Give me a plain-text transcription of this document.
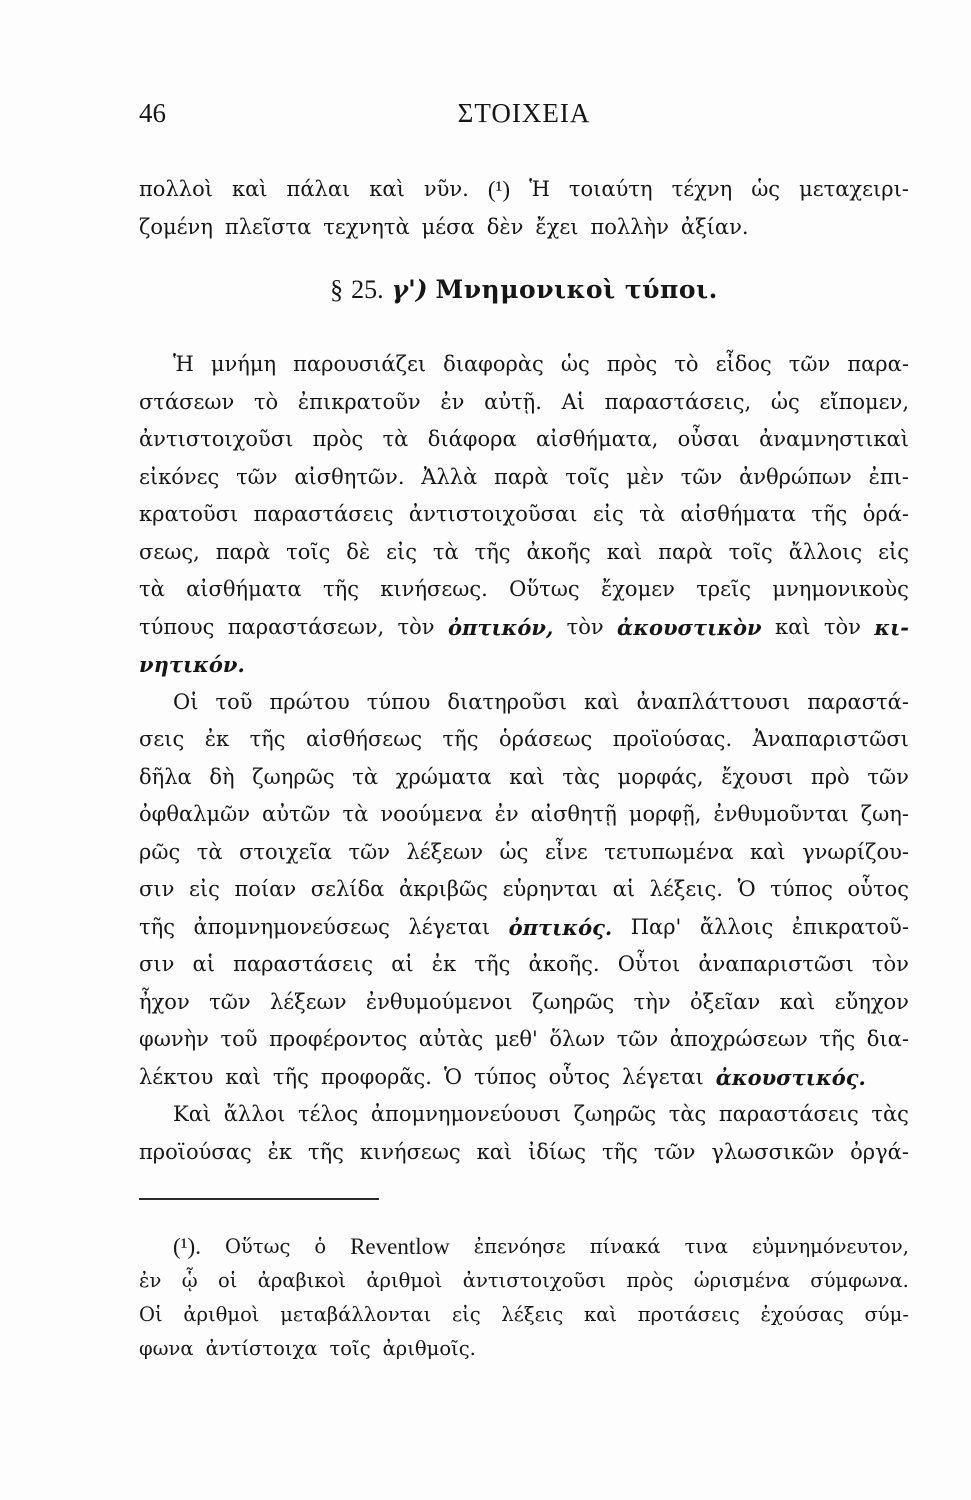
46	ΣΤΟΙΧΕΙΑ
πολλοὶ καὶ πάλαι καὶ νῦν. (¹) Ἡ τοιαύτη τέχνη ὡς μεταχειρι-
ζομένη πλεῖστα τεχνητὰ μέσα δὲν ἔχει πολλὴν ἀξίαν.
§ 25. γ') Μνημονικοὶ τύποι.
Ἡ μνήμη παρουσιάζει διαφορὰς ὡς πρὸς τὸ εἶδος τῶν παρα-
στάσεων τὸ ἐπικρατοῦν ἐν αὐτῇ. Αἱ παραστάσεις, ὡς εἴπομεν,
ἀντιστοιχοῦσι πρὸς τὰ διάφορα αἰσθήματα, οὖσαι ἀναμνηστικαὶ
εἰκόνες τῶν αἰσθητῶν. Ἀλλὰ παρὰ τοῖς μὲν τῶν ἀνθρώπων ἐπι-
κρατοῦσι παραστάσεις ἀντιστοιχοῦσαι εἰς τὰ αἰσθήματα τῆς ὁρά-
σεως, παρὰ τοῖς δὲ εἰς τὰ τῆς ἀκοῆς καὶ παρὰ τοῖς ἄλλοις εἰς
τὰ αἰσθήματα τῆς κινήσεως. Οὕτως ἔχομεν τρεῖς μνημονικοὺς
τύπους παραστάσεων, τὸν ὀπτικόν, τὸν ἀκουστικὸν καὶ τὸν κι-
νητικόν.
Οἱ τοῦ πρώτου τύπου διατηροῦσι καὶ ἀναπλάττουσι παραστά-
σεις ἐκ τῆς αἰσθήσεως τῆς ὁράσεως προϊούσας. Ἀναπαριστῶσι
δῆλα δὴ ζωηρῶς τὰ χρώματα καὶ τὰς μορφάς, ἔχουσι πρὸ τῶν
ὀφθαλμῶν αὐτῶν τὰ νοούμενα ἐν αἰσθητῇ μορφῇ, ἐνθυμοῦνται ζωη-
ρῶς τὰ στοιχεῖα τῶν λέξεων ὡς εἶνε τετυπωμένα καὶ γνωρίζου-
σιν εἰς ποίαν σελίδα ἀκριβῶς εὑρηνται αἱ λέξεις. Ὁ τύπος οὗτος
τῆς ἀπομνημονεύσεως λέγεται ὀπτικός. Παρ' ἄλλοις ἐπικρατοῦ-
σιν αἱ παραστάσεις αἱ ἐκ τῆς ἀκοῆς. Οὗτοι ἀναπαριστῶσι τὸν
ἦχον τῶν λέξεων ἐνθυμούμενοι ζωηρῶς τὴν ὀξεῖαν καὶ εὔηχον
φωνὴν τοῦ προφέροντος αὐτὰς μεθ' ὅλων τῶν ἀποχρώσεων τῆς δια-
λέκτου καὶ τῆς προφορᾶς. Ὁ τύπος οὗτος λέγεται ἀκουστικός.
Καὶ ἄλλοι τέλος ἀπομνημονεύουσι ζωηρῶς τὰς παραστάσεις τὰς
προϊούσας ἐκ τῆς κινήσεως καὶ ἰδίως τῆς τῶν γλωσσικῶν ὀργά-
(¹). Οὕτως ὁ Reventlow ἐπενόησε πίνακά τινα εὐμνημόνευτον,
ἐν ᾧ οἱ ἀραβικοὶ ἀριθμοὶ ἀντιστοιχοῦσι πρὸς ὡρισμένα σύμφωνα.
Οἱ ἀριθμοὶ μεταβάλλονται εἰς λέξεις καὶ προτάσεις ἐχούσας σύμ-
φωνα ἀντίστοιχα τοῖς ἀριθμοῖς.
